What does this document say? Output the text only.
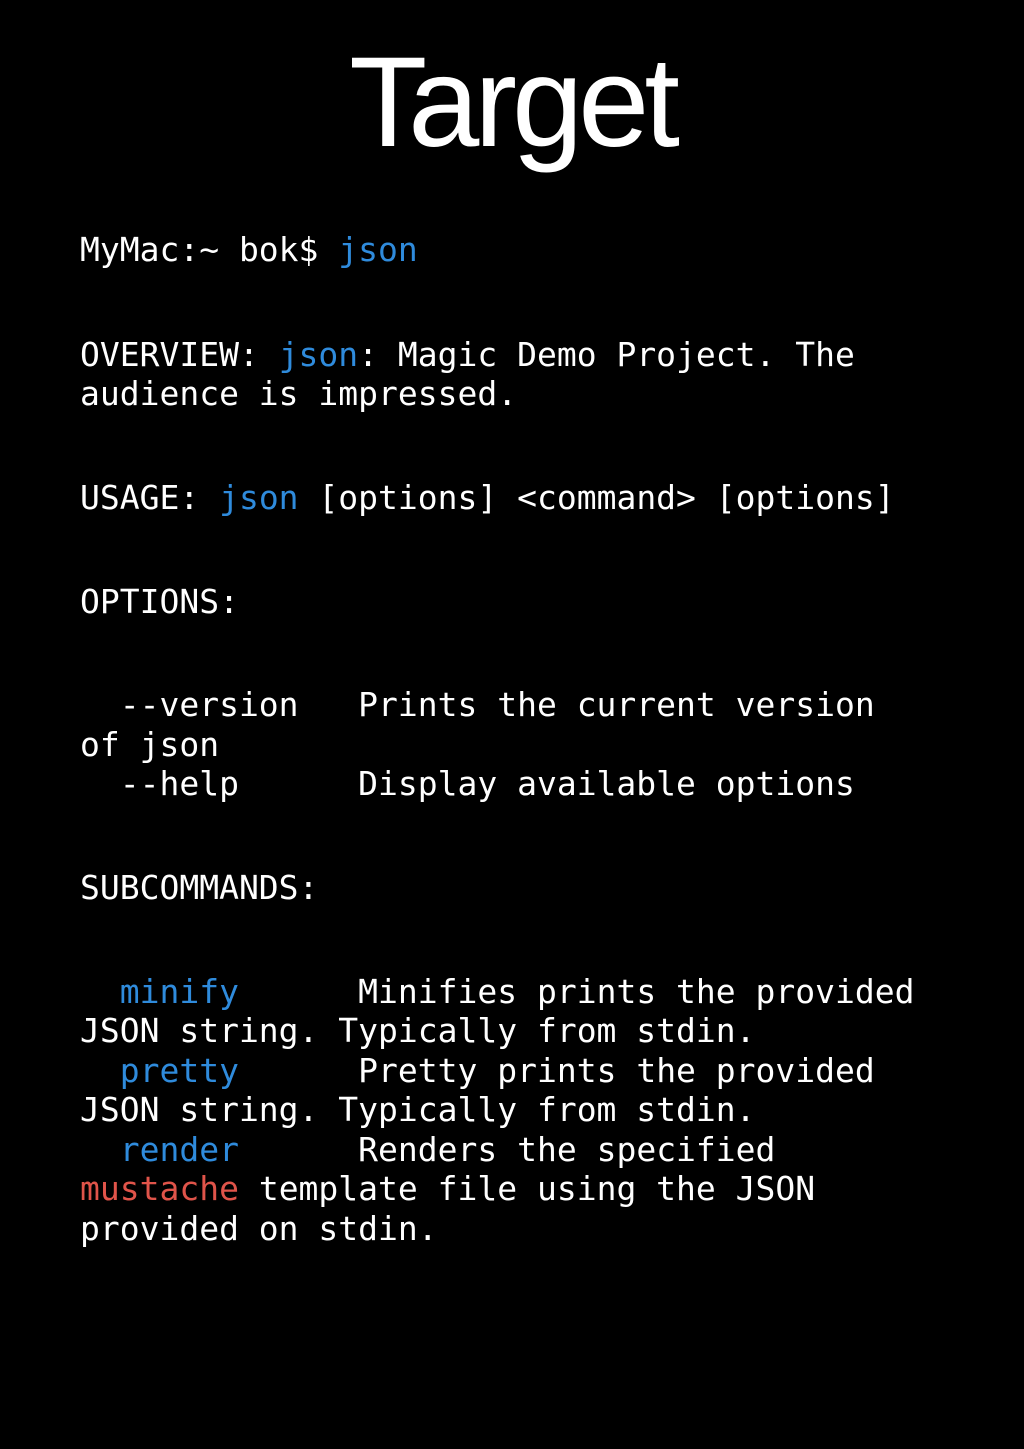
Target
MyMac:~ bok$ json
OVERVIEW: json: Magic Demo Project. The
audience is impressed.
USAGE: json [options] <command> [options]
OPTIONS:
--version   Prints the current version
of json
--help      Display available options
SUBCOMMANDS:
minify      Minifies prints the provided
JSON string. Typically from stdin.
pretty      Pretty prints the provided
JSON string. Typically from stdin.
render      Renders the specified
mustache template file using the JSON
provided on stdin.
